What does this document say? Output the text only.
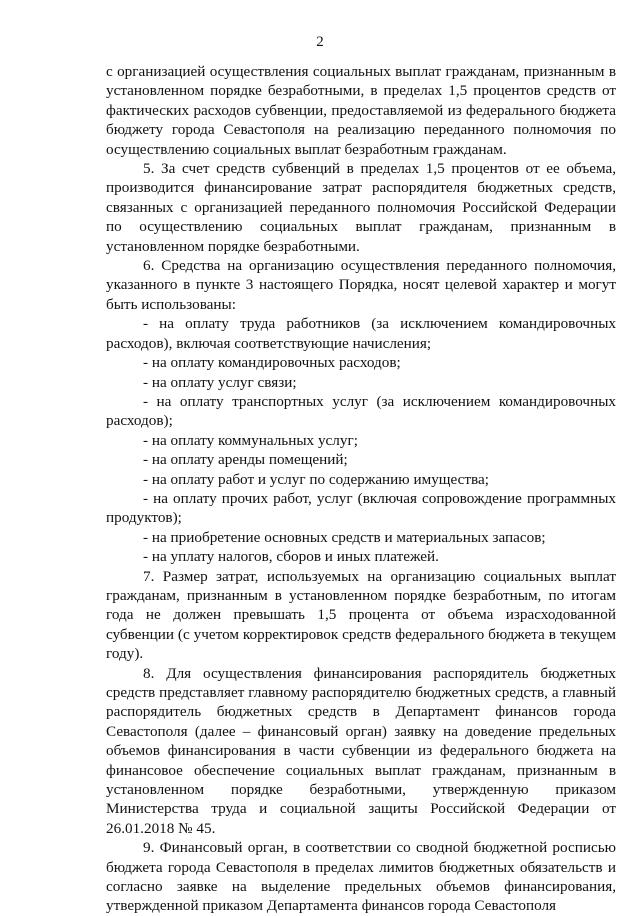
2

с организацией осуществления социальных выплат гражданам, признанным в установленном порядке безработными, в пределах 1,5 процентов средств от фактических расходов субвенции, предоставляемой из федерального бюджета бюджету города Севастополя на реализацию переданного полномочия по осуществлению социальных выплат безработным гражданам.

5. За счет средств субвенций в пределах 1,5 процентов от ее объема, производится финансирование затрат распорядителя бюджетных средств, связанных с организацией переданного полномочия Российской Федерации по осуществлению социальных выплат гражданам, признанным в установленном порядке безработными.

6. Средства на организацию осуществления переданного полномочия, указанного в пункте 3 настоящего Порядка, носят целевой характер и могут быть использованы:

- на оплату труда работников (за исключением командировочных расходов), включая соответствующие начисления;

- на оплату командировочных расходов;

- на оплату услуг связи;

- на оплату транспортных услуг (за исключением командировочных расходов);

- на оплату коммунальных услуг;

- на оплату аренды помещений;

- на оплату работ и услуг по содержанию имущества;

- на оплату прочих работ, услуг (включая сопровождение программных продуктов);

- на приобретение основных средств и материальных запасов;

- на уплату налогов, сборов и иных платежей.

7. Размер затрат, используемых на организацию социальных выплат гражданам, признанным в установленном порядке безработным, по итогам года не должен превышать 1,5 процента от объема израсходованной субвенции (с учетом корректировок средств федерального бюджета в текущем году).

8. Для осуществления финансирования распорядитель бюджетных средств представляет главному распорядителю бюджетных средств, а главный распорядитель бюджетных средств в Департамент финансов города Севастополя (далее – финансовый орган) заявку на доведение предельных объемов финансирования в части субвенции из федерального бюджета на финансовое обеспечение социальных выплат гражданам, признанным в установленном порядке безработными, утвержденную приказом Министерства труда и социальной защиты Российской Федерации от 26.01.2018 № 45.

9. Финансовый орган, в соответствии со сводной бюджетной росписью бюджета города Севастополя в пределах лимитов бюджетных обязательств и согласно заявке на выделение предельных объемов финансирования, утвержденной приказом Департамента финансов города Севастополя
